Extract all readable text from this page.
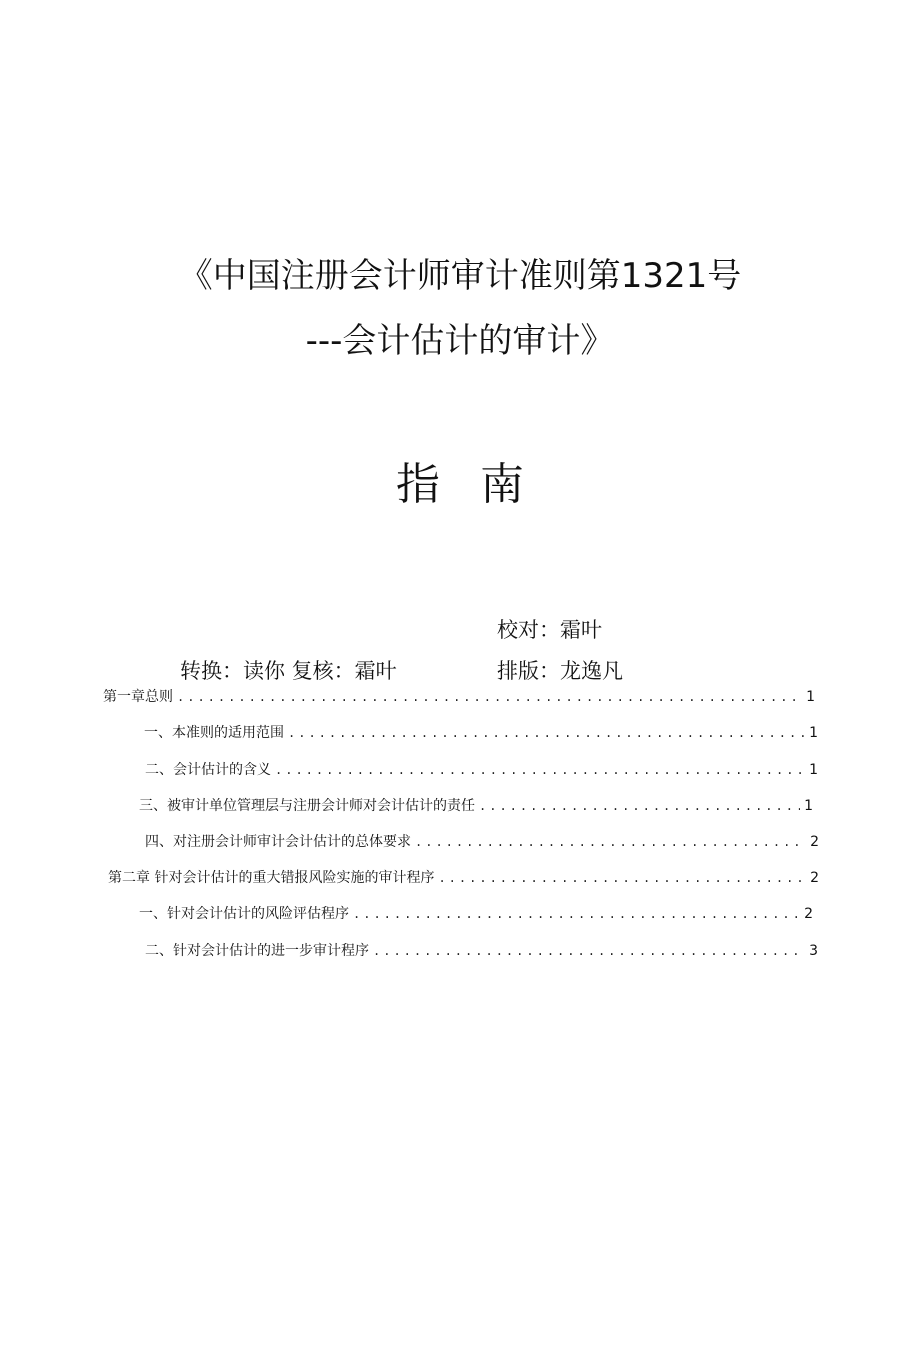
《中国注册会计师审计准则第1321号
---会计估计的审计》
指南
校对：霜叶
转换：读你 复核：霜叶	排版：龙逸凡
第一章总则 .....	1
一、本准则的适用范围 .....	1
二、会计估计的含义 .....	1
三、被审计单位管理层与注册会计师对会计估计的责任 .....	1
四、对注册会计师审计会计估计的总体要求 .....	2
第二章 针对会计估计的重大错报风险实施的审计程序 .....	2
一、针对会计估计的风险评估程序 .....	2
二、针对会计估计的进一步审计程序 .....	3
